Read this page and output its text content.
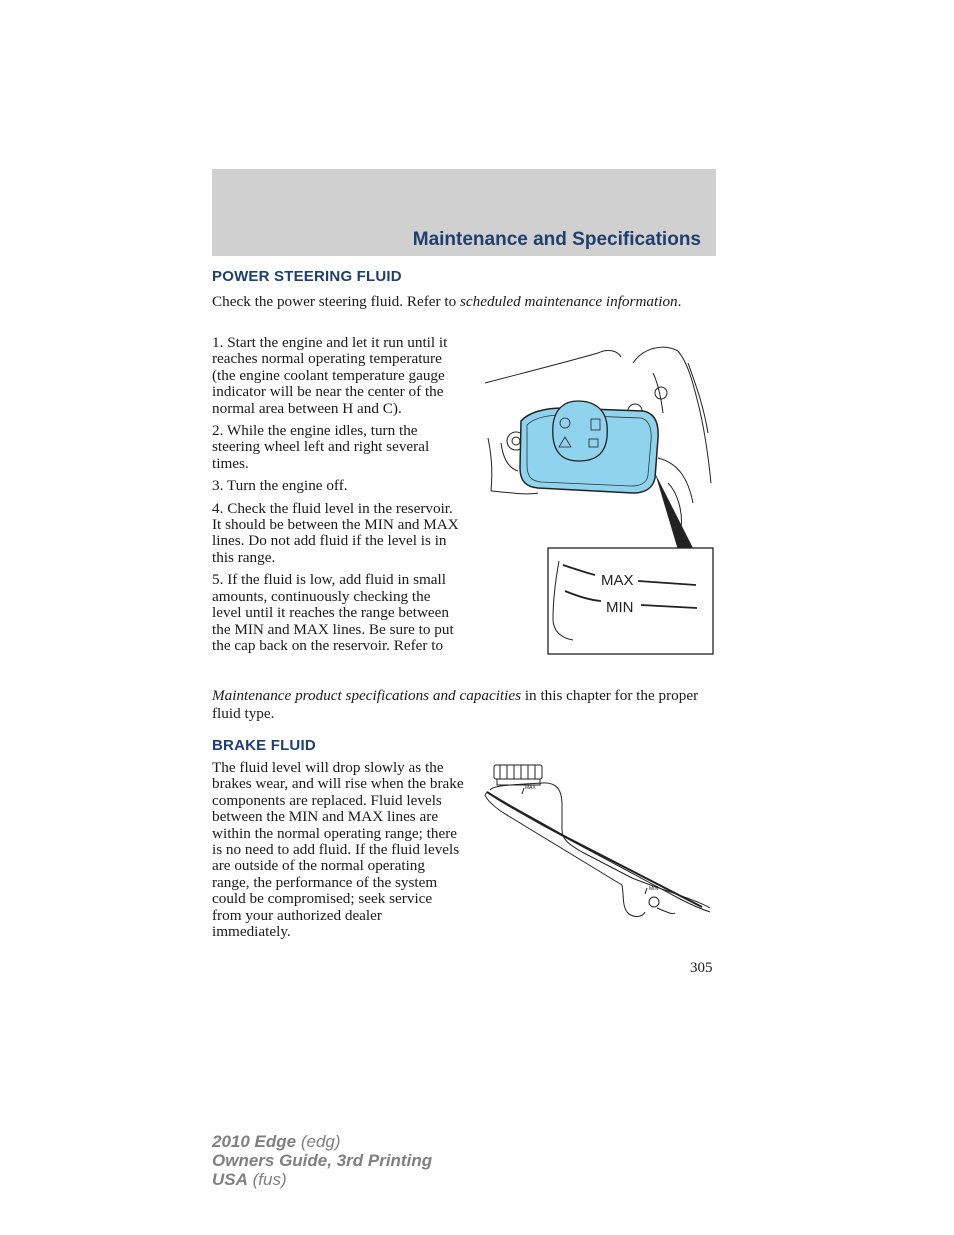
Maintenance and Specifications
POWER STEERING FLUID
Check the power steering fluid. Refer to scheduled maintenance information.

1. Start the engine and let it run until it reaches normal operating temperature (the engine coolant temperature gauge indicator will be near the center of the normal area between H and C).

2. While the engine idles, turn the steering wheel left and right several times.

3. Turn the engine off.

4. Check the fluid level in the reservoir. It should be between the MIN and MAX lines. Do not add fluid if the level is in this range.

5. If the fluid is low, add fluid in small amounts, continuously checking the level until it reaches the range between the MIN and MAX lines. Be sure to put the cap back on the reservoir. Refer to

Maintenance product specifications and capacities in this chapter for the proper fluid type.
MAX
MIN
BRAKE FLUID
The fluid level will drop slowly as the brakes wear, and will rise when the brake components are replaced. Fluid levels between the MIN and MAX lines are within the normal operating range; there is no need to add fluid. If the fluid levels are outside of the normal operating range, the performance of the system could be compromised; seek service from your authorized dealer immediately.
MAX
MIN
305
2010 Edge (edg)
Owners Guide, 3rd Printing
USA (fus)
